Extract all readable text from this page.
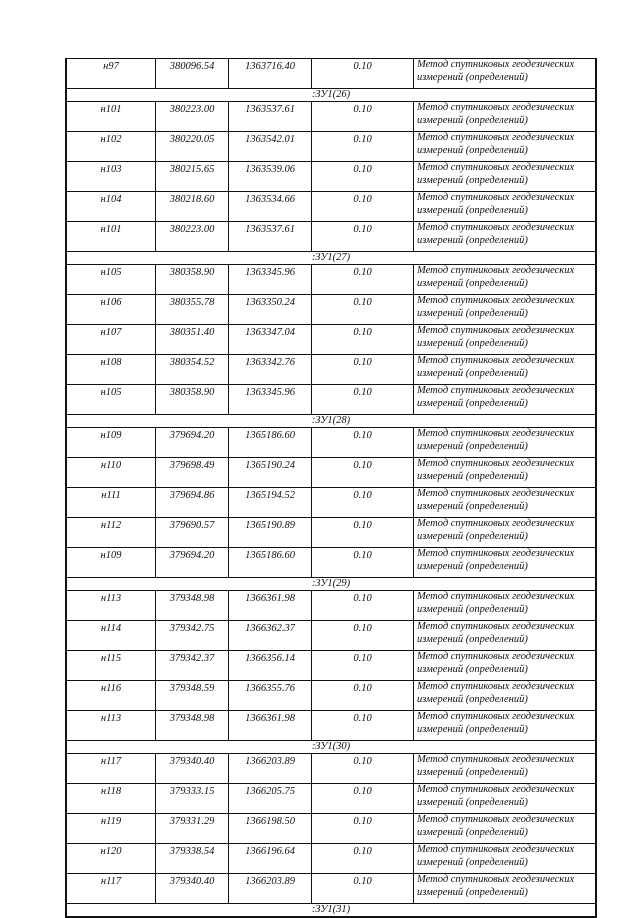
н97	380096.54	1363716.40	0.10	Метод спутниковых геодезических
измерений (определений)

:ЗУ1(26)				
н101	380223.00	1363537.61	0.10	Метод спутниковых геодезических
измерений (определений)

н102	380220.05	1363542.01	0.10	Метод спутниковых геодезических
измерений (определений)

н103	380215.65	1363539.06	0.10	Метод спутниковых геодезических
измерений (определений)

н104	380218.60	1363534.66	0.10	Метод спутниковых геодезических
измерений (определений)

н101	380223.00	1363537.61	0.10	Метод спутниковых геодезических
измерений (определений)

:ЗУ1(27)				
н105	380358.90	1363345.96	0.10	Метод спутниковых геодезических
измерений (определений)

н106	380355.78	1363350.24	0.10	Метод спутниковых геодезических
измерений (определений)

н107	380351.40	1363347.04	0.10	Метод спутниковых геодезических
измерений (определений)

н108	380354.52	1363342.76	0.10	Метод спутниковых геодезических
измерений (определений)

н105	380358.90	1363345.96	0.10	Метод спутниковых геодезических
измерений (определений)

:ЗУ1(28)				
н109	379694.20	1365186.60	0.10	Метод спутниковых геодезических
измерений (определений)

н110	379698.49	1365190.24	0.10	Метод спутниковых геодезических
измерений (определений)

н111	379694.86	1365194.52	0.10	Метод спутниковых геодезических
измерений (определений)

н112	379690.57	1365190.89	0.10	Метод спутниковых геодезических
измерений (определений)

н109	379694.20	1365186.60	0.10	Метод спутниковых геодезических
измерений (определений)

:ЗУ1(29)				
н113	379348.98	1366361.98	0.10	Метод спутниковых геодезических
измерений (определений)

н114	379342.75	1366362.37	0.10	Метод спутниковых геодезических
измерений (определений)

н115	379342.37	1366356.14	0.10	Метод спутниковых геодезических
измерений (определений)

н116	379348.59	1366355.76	0.10	Метод спутниковых геодезических
измерений (определений)

н113	379348.98	1366361.98	0.10	Метод спутниковых геодезических
измерений (определений)

:ЗУ1(30)				
н117	379340.40	1366203.89	0.10	Метод спутниковых геодезических
измерений (определений)

н118	379333.15	1366205.75	0.10	Метод спутниковых геодезических
измерений (определений)

н119	379331.29	1366198.50	0.10	Метод спутниковых геодезических
измерений (определений)

н120	379338.54	1366196.64	0.10	Метод спутниковых геодезических
измерений (определений)

н117	379340.40	1366203.89	0.10	Метод спутниковых геодезических
измерений (определений)

:ЗУ1(31)				
